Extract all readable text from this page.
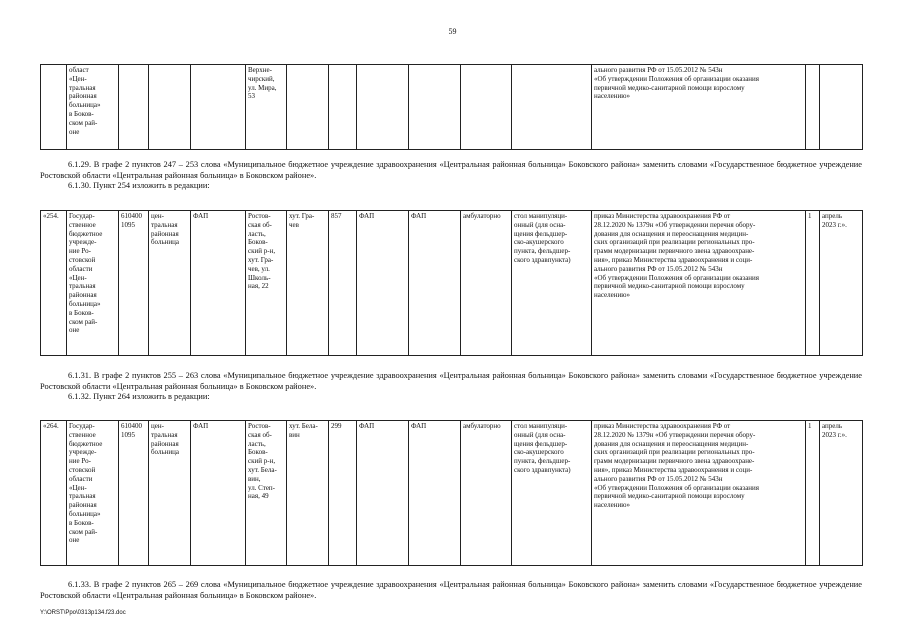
59
	област
«Цен-
тральная
районная
больница»
в Боков-
ском рай-
оне				Верхне-
чирский,
ул. Мира,
53							ального развития РФ от 15.05.2012 № 543н
«Об утверждении Положения об организации оказания
первичной медико-санитарной помощи взрослому
населению»		

6.1.29. В графе 2 пунктов 247 – 253 слова «Муниципальное бюджетное учреждение здравоохранения «Центральная районная больница» Боковского района» заменить словами «Государственное бюджетное учреждение Ростовской области «Центральная районная больница» в Боковском районе».

6.1.30. Пункт 254 изложить в редакции:

«254.	Государ-
ственное
бюджетное
учрежде-
ние Ро-
стовской
области
«Цен-
тральная
районная
больница»
в Боков-
ском рай-
оне	610400
1095	цен-
тральная
районная
больница	ФАП	Ростов-
ская об-
ласть,
Боков-
ский р-н,
хут. Гра-
чев, ул.
Школь-
ная, 22	хут. Гра-
чев	857	ФАП	ФАП	амбулаторно	стол манипуляци-
онный (для осна-
щения фельдшер-
ско-акушерского
пункта, фельдшер-
ского здравпункта)	приказ Министерства здравоохранения РФ от
28.12.2020 № 1379н «Об утверждении перечня обору-
дования для оснащения и переоснащения медицин-
ских организаций при реализации региональных про-
грамм модернизации первичного звена здравоохране-
ния», приказ Министерства здравоохранения и соци-
ального развития РФ от 15.05.2012 № 543н
«Об утверждении Положения об организации оказания
первичной медико-санитарной помощи взрослому
населению»	1	апрель
2023 г.».

6.1.31. В графе 2 пунктов 255 – 263 слова «Муниципальное бюджетное учреждение здравоохранения «Центральная районная больница» Боковского района» заменить словами «Государственное бюджетное учреждение Ростовской области «Центральная районная больница» в Боковском районе».

6.1.32. Пункт 264 изложить в редакции:

«264.	Государ-
ственное
бюджетное
учрежде-
ние Ро-
стовской
области
«Цен-
тральная
районная
больница»
в Боков-
ском рай-
оне	610400
1095	цен-
тральная
районная
больница	ФАП	Ростов-
ская об-
ласть,
Боков-
ский р-н,
хут. Бела-
вин,
ул. Степ-
ная, 49	хут. Бела-
вин	299	ФАП	ФАП	амбулаторно	стол манипуляци-
онный (для осна-
щения фельдшер-
ско-акушерского
пункта, фельдшер-
ского здравпункта)	приказ Министерства здравоохранения РФ от
28.12.2020 № 1379н «Об утверждении перечня обору-
дования для оснащения и переоснащения медицин-
ских организаций при реализации региональных про-
грамм модернизации первичного звена здравоохране-
ния», приказ Министерства здравоохранения и соци-
ального развития РФ от 15.05.2012 № 543н
«Об утверждении Положения об организации оказания
первичной медико-санитарной помощи взрослому
населению»	1	апрель
2023 г.».

6.1.33. В графе 2 пунктов 265 – 269 слова «Муниципальное бюджетное учреждение здравоохранения «Центральная районная больница» Боковского района» заменить словами «Государственное бюджетное учреждение Ростовской области «Центральная районная больница» в Боковском районе».

Y:\ORST\Ppo\0313p134.f23.doc
